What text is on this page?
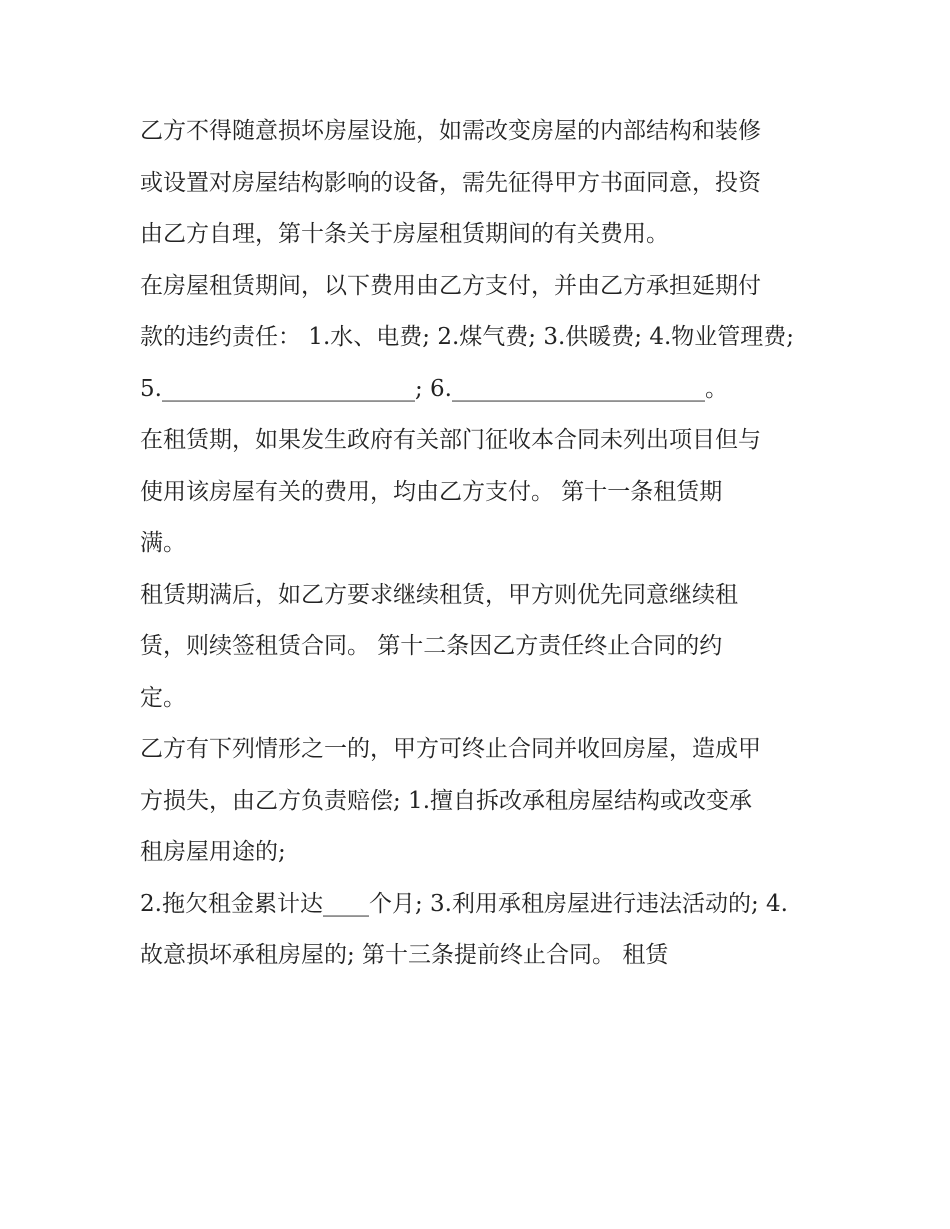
乙方不得随意损坏房屋设施，如需改变房屋的内部结构和装修
或设置对房屋结构影响的设备，需先征得甲方书面同意，投资
由乙方自理，第十条关于房屋租赁期间的有关费用。
在房屋租赁期间，以下费用由乙方支付，并由乙方承担延期付
款的违约责任： 1.水、电费; 2.煤气费; 3.供暖费; 4.物业管理费;
5.______________________; 6.______________________。
在租赁期，如果发生政府有关部门征收本合同未列出项目但与
使用该房屋有关的费用，均由乙方支付。 第十一条租赁期
满。
租赁期满后，如乙方要求继续租赁，甲方则优先同意继续租
赁，则续签租赁合同。 第十二条因乙方责任终止合同的约
定。
乙方有下列情形之一的，甲方可终止合同并收回房屋，造成甲
方损失，由乙方负责赔偿; 1.擅自拆改承租房屋结构或改变承
租房屋用途的;
2.拖欠租金累计达____个月; 3.利用承租房屋进行违法活动的; 4.
故意损坏承租房屋的; 第十三条提前终止合同。 租赁
